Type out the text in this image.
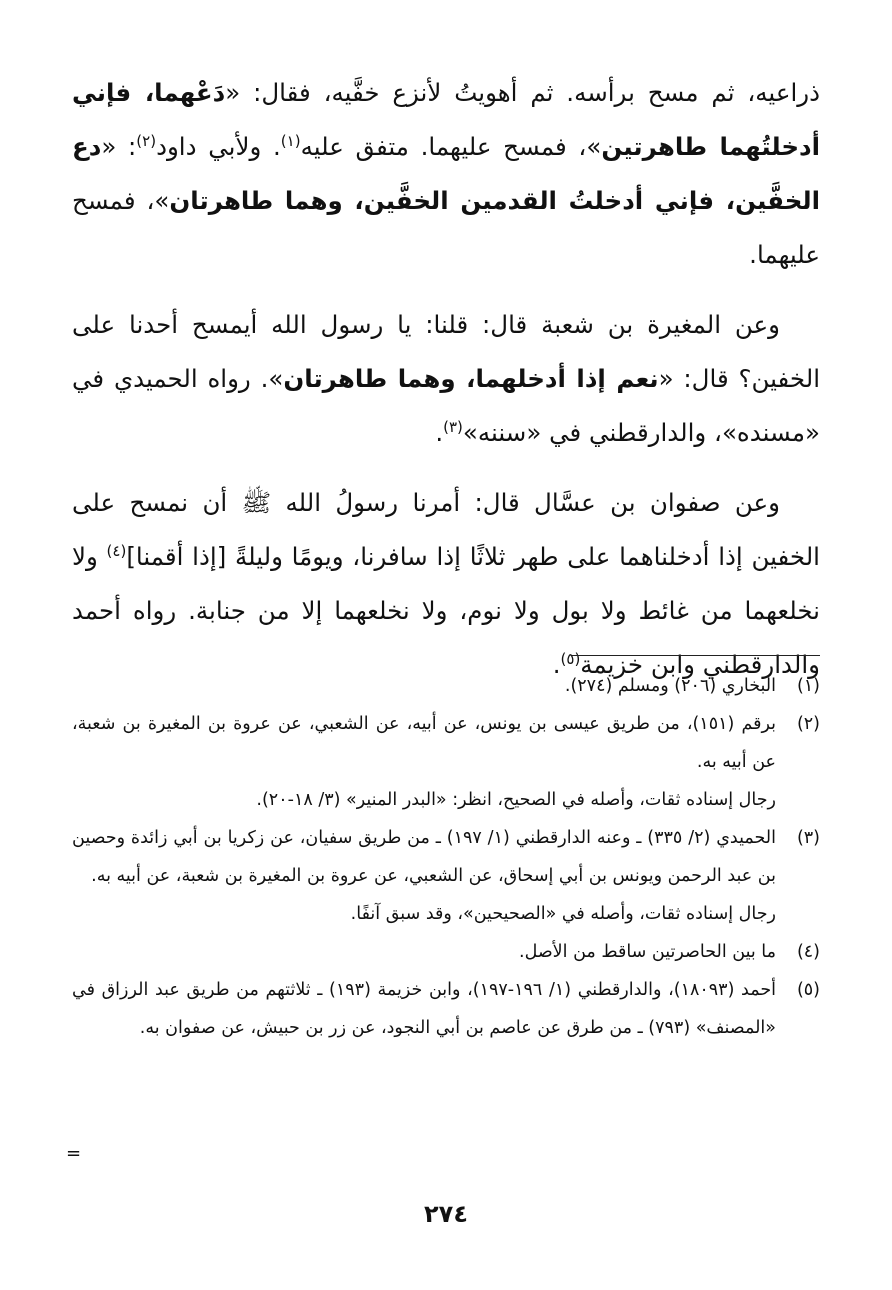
ذراعيه، ثم مسح برأسه. ثم أهويتُ لأنزع خفَّيه، فقال: «دَعْهما، فإني أدخلتُهما طاهرتين»، فمسح عليهما. متفق عليه$^{(١)}$. ولأبي داود$^{(٢)}$: «دع الخفَّين، فإني أدخلتُ القدمين الخفَّين، وهما طاهرتان»، فمسح عليهما.

وعن المغيرة بن شعبة قال: قلنا: يا رسول الله أيمسح أحدنا على الخفين؟ قال: «نعم إذا أدخلهما، وهما طاهرتان». رواه الحميدي في «مسنده»، والدارقطني في «سننه»$^{(٣)}$.

وعن صفوان بن عسَّال قال: أمرنا رسولُ الله ﷺ أن نمسح على الخفين إذا أدخلناهما على طهر ثلاثًا إذا سافرنا، ويومًا وليلةً [إذا أقمنا]$^{(٤)}$ ولا نخلعهما من غائط ولا بول ولا نوم، ولا نخلعهما إلا من جنابة. رواه أحمد والدارقطني وابن خزيمة$^{(٥)}$.

(١)
البخاري (٢٠٦) ومسلم (٢٧٤).
(٢)
برقم (١٥١)، من طريق عيسى بن يونس، عن أبيه، عن الشعبي، عن عروة بن المغيرة بن شعبة، عن أبيه به.
رجال إسناده ثقات، وأصله في الصحيح، انظر: «البدر المنير» (٣/ ١٨-٢٠).
(٣)
الحميدي (٢/ ٣٣٥) ـ وعنه الدارقطني (١/ ١٩٧) ـ من طريق سفيان، عن زكريا بن أبي زائدة وحصين بن عبد الرحمن ويونس بن أبي إسحاق، عن الشعبي، عن عروة بن المغيرة بن شعبة، عن أبيه به.
رجال إسناده ثقات، وأصله في «الصحيحين»، وقد سبق آنفًا.
(٤)
ما بين الحاصرتين ساقط من الأصل.
(٥)
أحمد (١٨٠٩٣)، والدارقطني (١/ ١٩٦-١٩٧)، وابن خزيمة (١٩٣) ـ ثلاثتهم من طريق عبد الرزاق في «المصنف» (٧٩٣) ـ من طرق عن عاصم بن أبي النجود، عن زر بن حبيش، عن صفوان به.
=
٢٧٤
